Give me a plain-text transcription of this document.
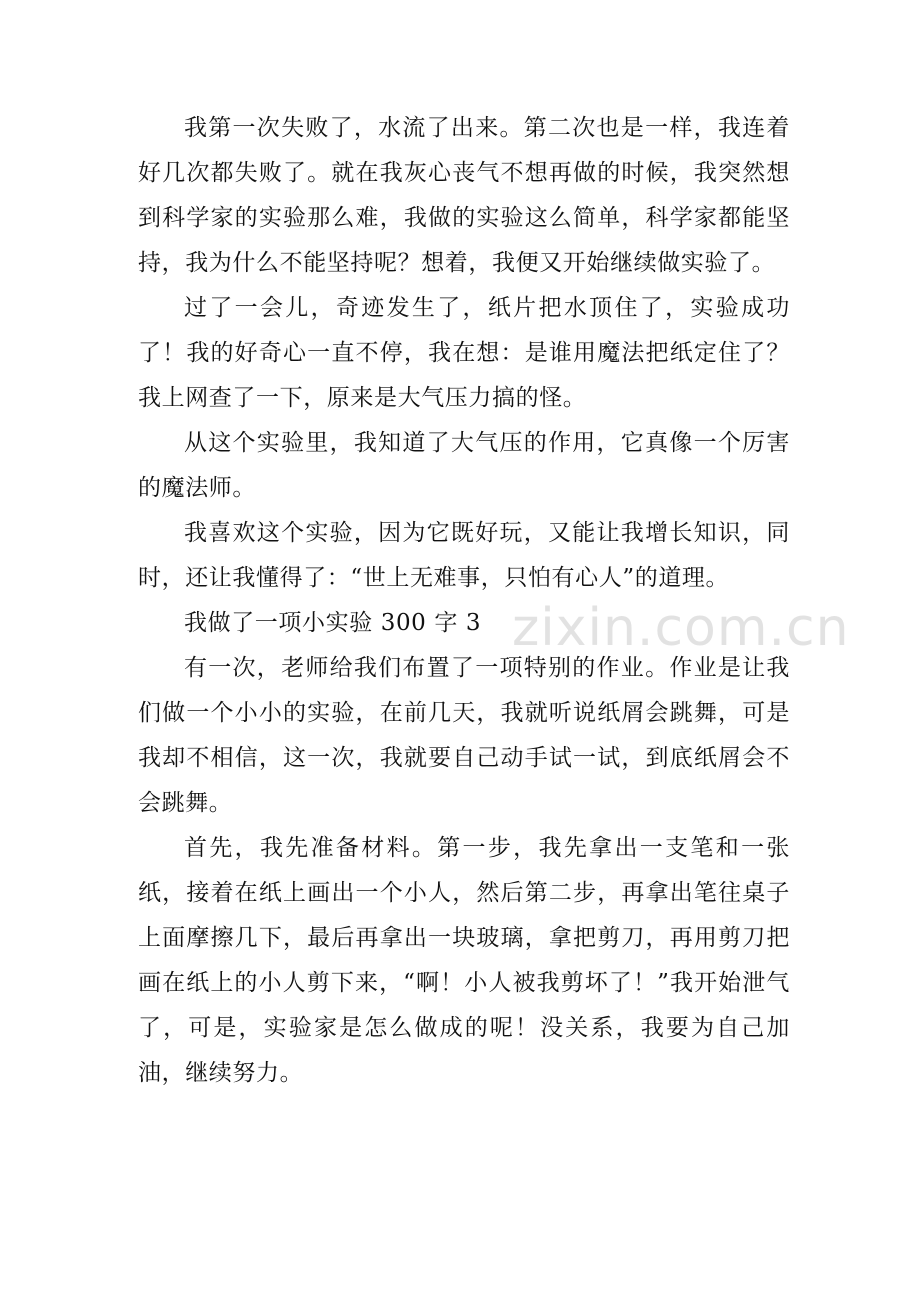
我第一次失败了，水流了出来。第二次也是一样，我连着好几次都失败了。就在我灰心丧气不想再做的时候，我突然想到科学家的实验那么难，我做的实验这么简单，科学家都能坚持，我为什么不能坚持呢？想着，我便又开始继续做实验了。

过了一会儿，奇迹发生了，纸片把水顶住了，实验成功了！我的好奇心一直不停，我在想：是谁用魔法把纸定住了？我上网查了一下，原来是大气压力搞的怪。

从这个实验里，我知道了大气压的作用，它真像一个厉害的魔法师。

我喜欢这个实验，因为它既好玩，又能让我增长知识，同时，还让我懂得了：“世上无难事，只怕有心人”的道理。

我做了一项小实验 300 字 3

有一次，老师给我们布置了一项特别的作业。作业是让我们做一个小小的实验，在前几天，我就听说纸屑会跳舞，可是我却不相信，这一次，我就要自己动手试一试，到底纸屑会不会跳舞。

首先，我先准备材料。第一步，我先拿出一支笔和一张纸，接着在纸上画出一个小人，然后第二步，再拿出笔往桌子上面摩擦几下，最后再拿出一块玻璃，拿把剪刀，再用剪刀把画在纸上的小人剪下来，“啊！小人被我剪坏了！”我开始泄气了，可是，实验家是怎么做成的呢！没关系，我要为自己加油，继续努力。

zixin.com.cn
